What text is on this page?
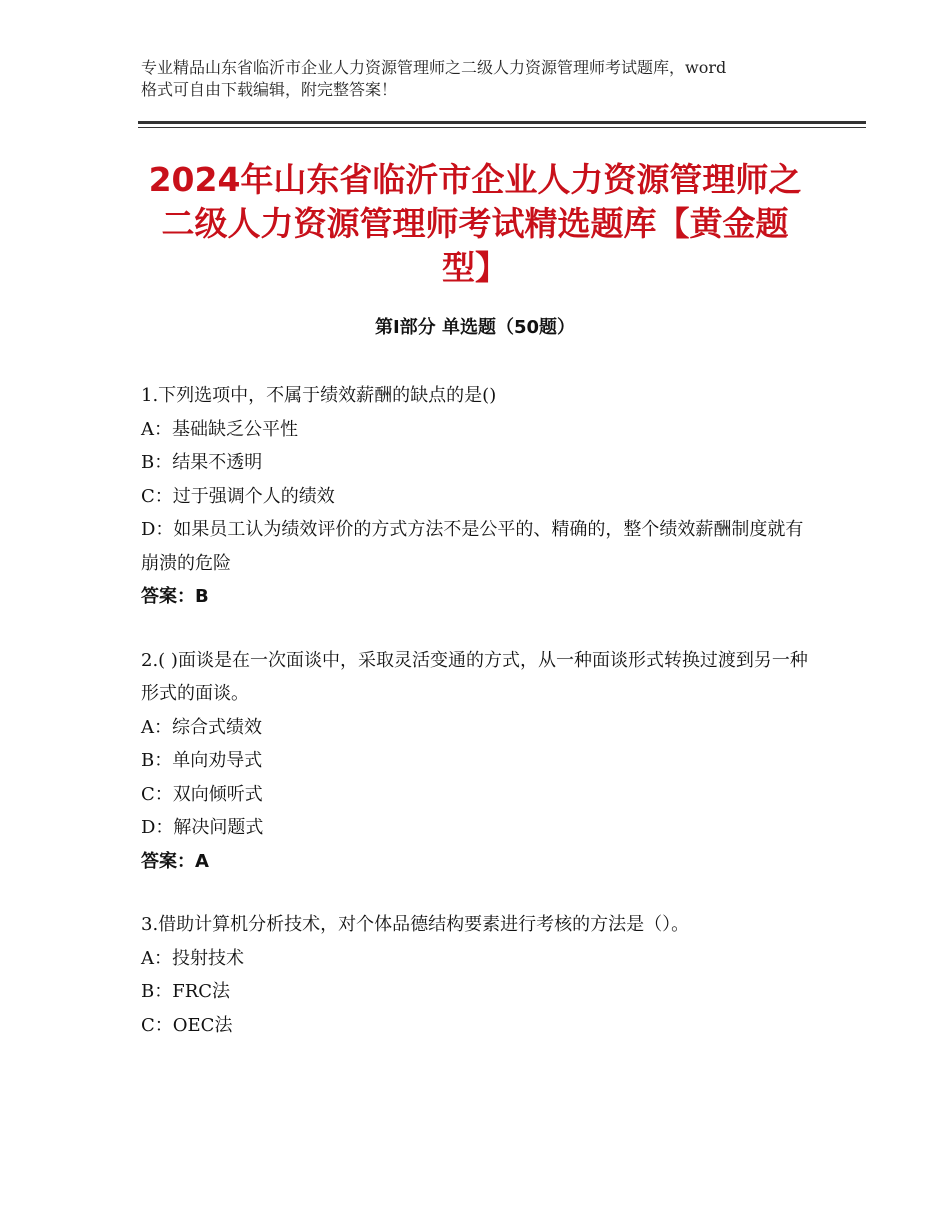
专业精品山东省临沂市企业人力资源管理师之二级人力资源管理师考试题库，word
格式可自由下载编辑，附完整答案！
2024年山东省临沂市企业人力资源管理师之二级人力资源管理师考试精选题库【黄金题型】
第Ⅰ部分 单选题（50题）
1.下列选项中，不属于绩效薪酬的缺点的是()
A：基础缺乏公平性
B：结果不透明
C：过于强调个人的绩效
D：如果员工认为绩效评价的方式方法不是公平的、精确的，整个绩效薪酬制度就有崩溃的危险
答案：B
2.( )面谈是在一次面谈中，采取灵活变通的方式，从一种面谈形式转换过渡到另一种形式的面谈。
A：综合式绩效
B：单向劝导式
C：双向倾听式
D：解决问题式
答案：A
3.借助计算机分析技术，对个体品德结构要素进行考核的方法是（）。
A：投射技术
B：FRC法
C：OEC法
